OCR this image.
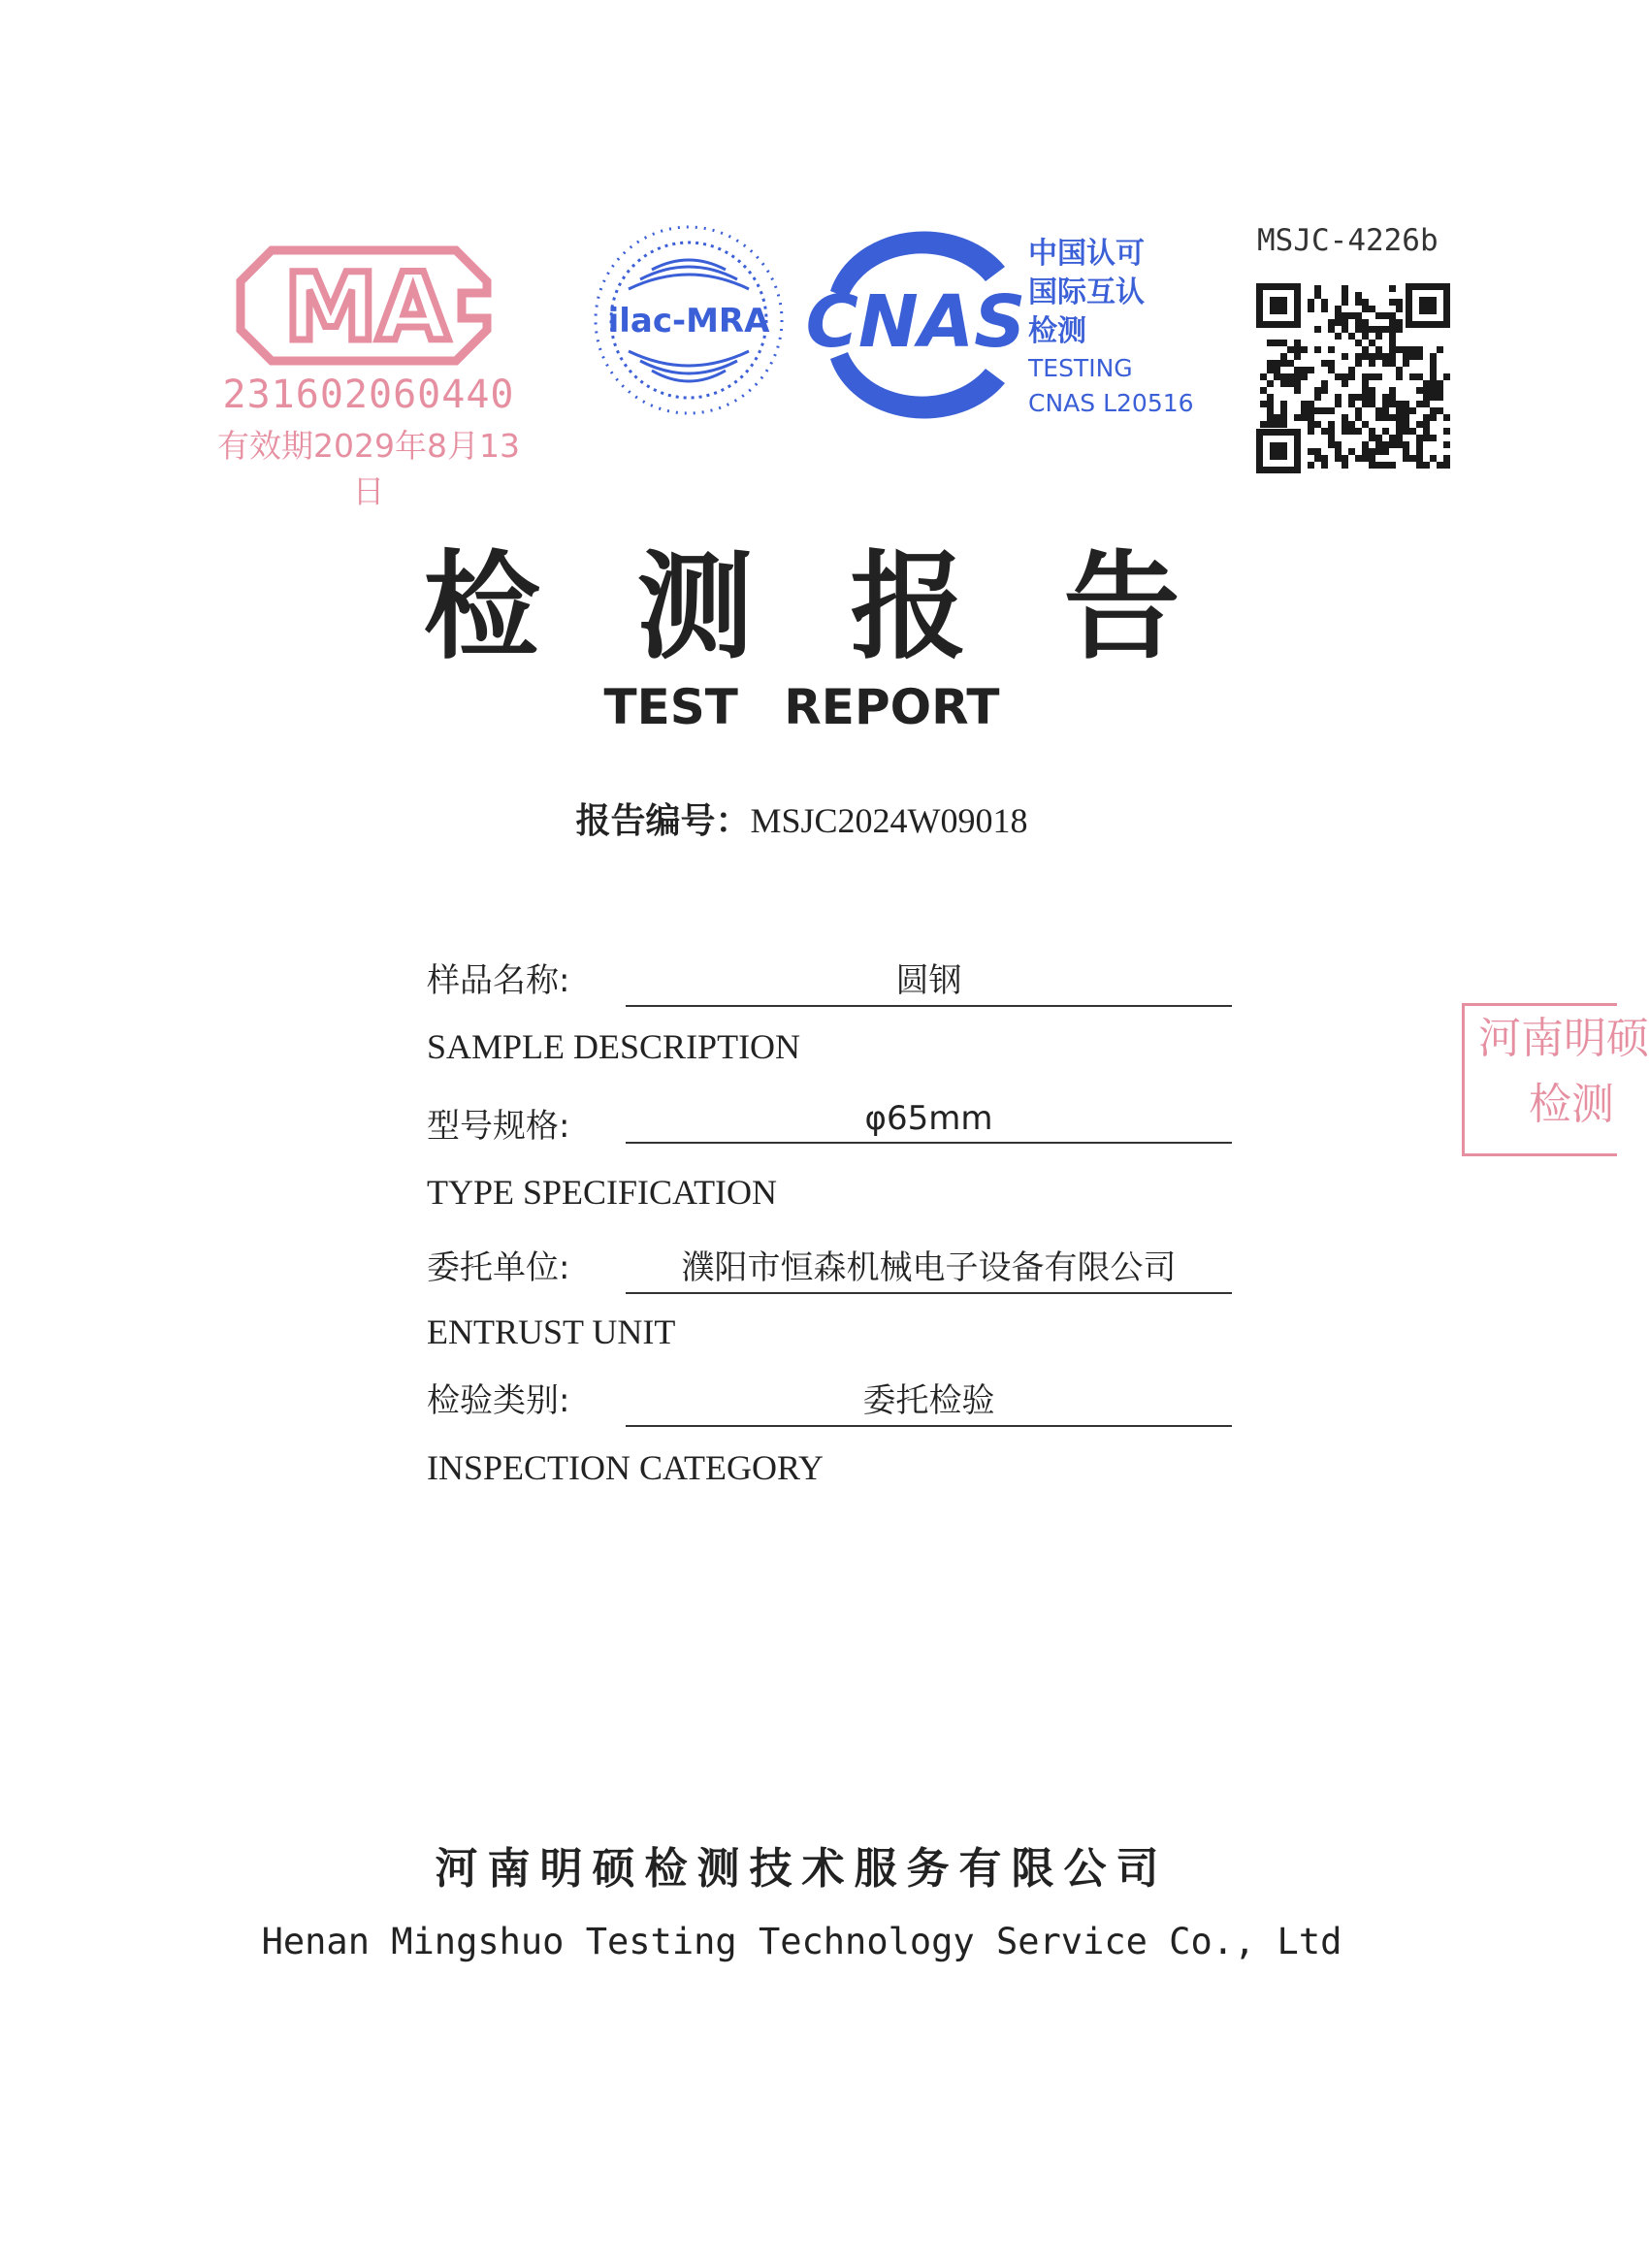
MA
231602060440
有效期2029年8月13日
ilac-MRA CNAS
中国认可
国际互认
检测
TESTING
CNAS L20516
MSJC-4226b
检测报告
TEST REPORT
报告编号：MSJC2024W09018
样品名称:	圆钢
SAMPLE DESCRIPTION
型号规格:	φ65mm
TYPE SPECIFICATION
委托单位:	濮阳市恒森机械电子设备有限公司
ENTRUST UNIT
检验类别:	委托检验
INSPECTION CATEGORY
河南明硕
检测
河南明硕检测技术服务有限公司
Henan Mingshuo Testing Technology Service Co., Ltd
